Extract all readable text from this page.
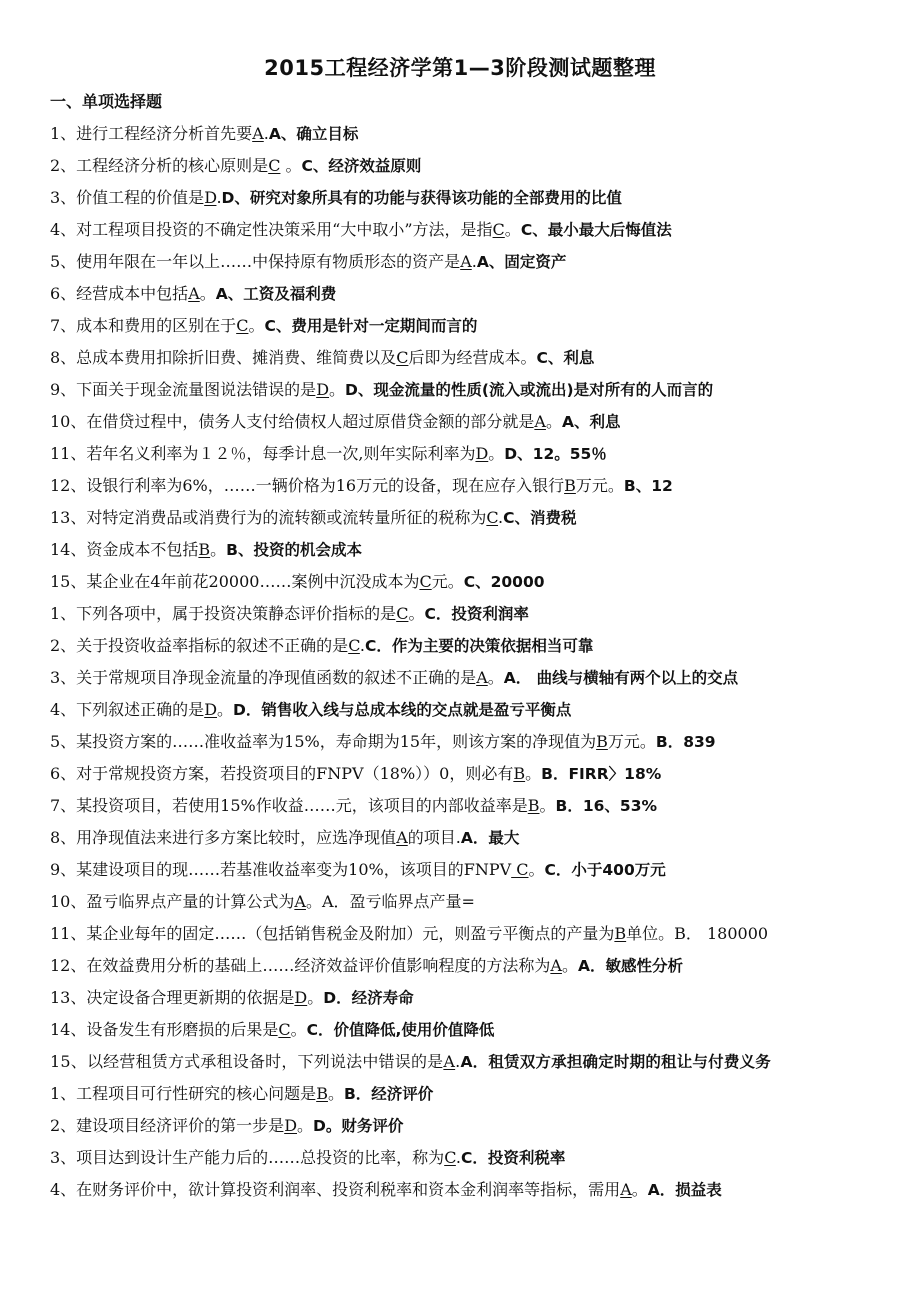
2015工程经济学第1—3阶段测试题整理
一、单项选择题
1、进行工程经济分析首先要A.A、确立目标
2、工程经济分析的核心原则是C 。C、经济效益原则
3、价值工程的价值是D.D、研究对象所具有的功能与获得该功能的全部费用的比值
4、对工程项目投资的不确定性决策采用“大中取小”方法，是指C。C、最小最大后悔值法
5、使用年限在一年以上……中保持原有物质形态的资产是A.A、固定资产
6、经营成本中包括A。A、工资及福利费
7、成本和费用的区别在于C。C、费用是针对一定期间而言的
8、总成本费用扣除折旧费、摊消费、维简费以及C后即为经营成本。C、利息
9、下面关于现金流量图说法错误的是D。D、现金流量的性质(流入或流出)是对所有的人而言的
10、在借贷过程中，债务人支付给债权人超过原借贷金额的部分就是A。A、利息
11、若年名义利率为１２％，每季计息一次,则年实际利率为D。D、12。55％
12、设银行利率为6%，……一辆价格为16万元的设备，现在应存入银行B万元。B、12
13、对特定消费品或消费行为的流转额或流转量所征的税称为C.C、消费税
14、资金成本不包括B。B、投资的机会成本
15、某企业在4年前花20000……案例中沉没成本为C元。C、20000
1、下列各项中，属于投资决策静态评价指标的是C。C．投资利润率
2、关于投资收益率指标的叙述不正确的是C.C．作为主要的决策依据相当可靠
3、关于常规项目净现金流量的净现值函数的叙述不正确的是A。A． 曲线与横轴有两个以上的交点
4、下列叙述正确的是D。D．销售收入线与总成本线的交点就是盈亏平衡点
5、某投资方案的……准收益率为15%，寿命期为15年，则该方案的净现值为B万元。B．839
6、对于常规投资方案，若投资项目的FNPV（18%））0，则必有B。B．FIRR〉18%
7、某投资项目，若使用15%作收益……元，该项目的内部收益率是B。B．16、53%
8、用净现值法来进行多方案比较时，应选净现值A的项目.A．最大
9、某建设项目的现……若基准收益率变为10%，该项目的FNPV C。C．小于400万元
10、盈亏临界点产量的计算公式为A。A．盈亏临界点产量=
11、某企业每年的固定……（包括销售税金及附加）元，则盈亏平衡点的产量为B单位。B． 180000
12、在效益费用分析的基础上……经济效益评价值影响程度的方法称为A。A．敏感性分析
13、决定设备合理更新期的依据是D。D．经济寿命
14、设备发生有形磨损的后果是C。C．价值降低,使用价值降低
15、以经营租赁方式承租设备时，下列说法中错误的是A.A．租赁双方承担确定时期的租让与付费义务
1、工程项目可行性研究的核心问题是B。B．经济评价
2、建设项目经济评价的第一步是D。D。财务评价
3、项目达到设计生产能力后的……总投资的比率，称为C.C．投资利税率
4、在财务评价中，欲计算投资利润率、投资利税率和资本金利润率等指标，需用A。A．损益表
